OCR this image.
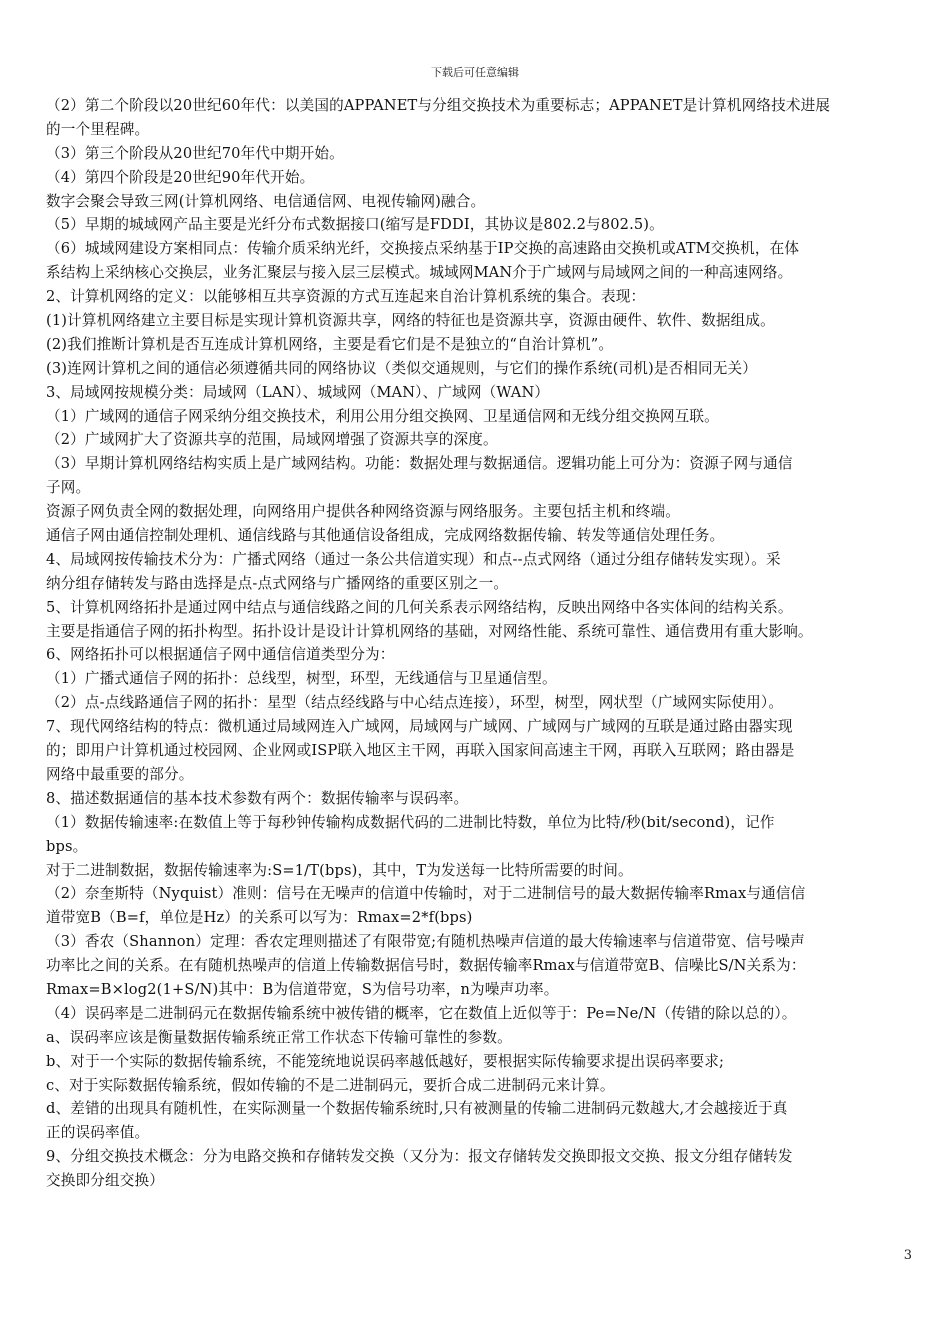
下载后可任意编辑
（2）第二个阶段以20世纪60年代：以美国的APPANET与分组交换技术为重要标志；APPANET是计算机网络技术进展
的一个里程碑。
（3）第三个阶段从20世纪70年代中期开始。
（4）第四个阶段是20世纪90年代开始。
数字会聚会导致三网(计算机网络、电信通信网、电视传输网)融合。
（5）早期的城域网产品主要是光纤分布式数据接口(缩写是FDDI，其协议是802.2与802.5)。
（6）城域网建设方案相同点：传输介质采纳光纤，交换接点采纳基于IP交换的高速路由交换机或ATM交换机，在体
系结构上采纳核心交换层，业务汇聚层与接入层三层模式。城域网MAN介于广域网与局域网之间的一种高速网络。
2、计算机网络的定义：以能够相互共享资源的方式互连起来自治计算机系统的集合。表现：
(1)计算机网络建立主要目标是实现计算机资源共享，网络的特征也是资源共享，资源由硬件、软件、数据组成。
(2)我们推断计算机是否互连成计算机网络，主要是看它们是不是独立的“自治计算机”。
(3)连网计算机之间的通信必须遵循共同的网络协议（类似交通规则，与它们的操作系统(司机)是否相同无关）
3、局域网按规模分类：局域网（LAN）、城域网（MAN）、广域网（WAN）
（1）广域网的通信子网采纳分组交换技术，利用公用分组交换网、卫星通信网和无线分组交换网互联。
（2）广域网扩大了资源共享的范围，局域网增强了资源共享的深度。
（3）早期计算机网络结构实质上是广域网结构。功能：数据处理与数据通信。逻辑功能上可分为：资源子网与通信
子网。
资源子网负责全网的数据处理，向网络用户提供各种网络资源与网络服务。主要包括主机和终端。
通信子网由通信控制处理机、通信线路与其他通信设备组成，完成网络数据传输、转发等通信处理任务。
4、局域网按传输技术分为：广播式网络（通过一条公共信道实现）和点--点式网络（通过分组存储转发实现）。采
纳分组存储转发与路由选择是点-点式网络与广播网络的重要区别之一。
5、计算机网络拓扑是通过网中结点与通信线路之间的几何关系表示网络结构，反映出网络中各实体间的结构关系。
主要是指通信子网的拓扑构型。拓扑设计是设计计算机网络的基础，对网络性能、系统可靠性、通信费用有重大影响。
6、网络拓扑可以根据通信子网中通信信道类型分为：
（1）广播式通信子网的拓扑：总线型，树型，环型，无线通信与卫星通信型。
（2）点-点线路通信子网的拓扑：星型（结点经线路与中心结点连接），环型，树型，网状型（广域网实际使用）。
7、现代网络结构的特点：微机通过局域网连入广域网，局域网与广域网、广域网与广域网的互联是通过路由器实现
的；即用户计算机通过校园网、企业网或ISP联入地区主干网，再联入国家间高速主干网，再联入互联网；路由器是
网络中最重要的部分。
8、描述数据通信的基本技术参数有两个：数据传输率与误码率。
（1）数据传输速率:在数值上等于每秒钟传输构成数据代码的二进制比特数，单位为比特/秒(bit/second)，记作
bps。
对于二进制数据，数据传输速率为:S=1/T(bps)，其中，T为发送每一比特所需要的时间。
（2）奈奎斯特（Nyquist）准则：信号在无噪声的信道中传输时，对于二进制信号的最大数据传输率Rmax与通信信
道带宽B（B=f，单位是Hz）的关系可以写为：Rmax=2*f(bps)
（3）香农（Shannon）定理：香农定理则描述了有限带宽;有随机热噪声信道的最大传输速率与信道带宽、信号噪声
功率比之间的关系。在有随机热噪声的信道上传输数据信号时，数据传输率Rmax与信道带宽B、信噪比S/N关系为：
Rmax=B×log2(1+S/N)其中：B为信道带宽，S为信号功率，n为噪声功率。
（4）误码率是二进制码元在数据传输系统中被传错的概率，它在数值上近似等于：Pe=Ne/N（传错的除以总的）。
a、误码率应该是衡量数据传输系统正常工作状态下传输可靠性的参数。
b、对于一个实际的数据传输系统，不能笼统地说误码率越低越好，要根据实际传输要求提出误码率要求;
c、对于实际数据传输系统，假如传输的不是二进制码元，要折合成二进制码元来计算。
d、差错的出现具有随机性，在实际测量一个数据传输系统时,只有被测量的传输二进制码元数越大,才会越接近于真
正的误码率值。
9、分组交换技术概念：分为电路交换和存储转发交换（又分为：报文存储转发交换即报文交换、报文分组存储转发
交换即分组交换）
3
